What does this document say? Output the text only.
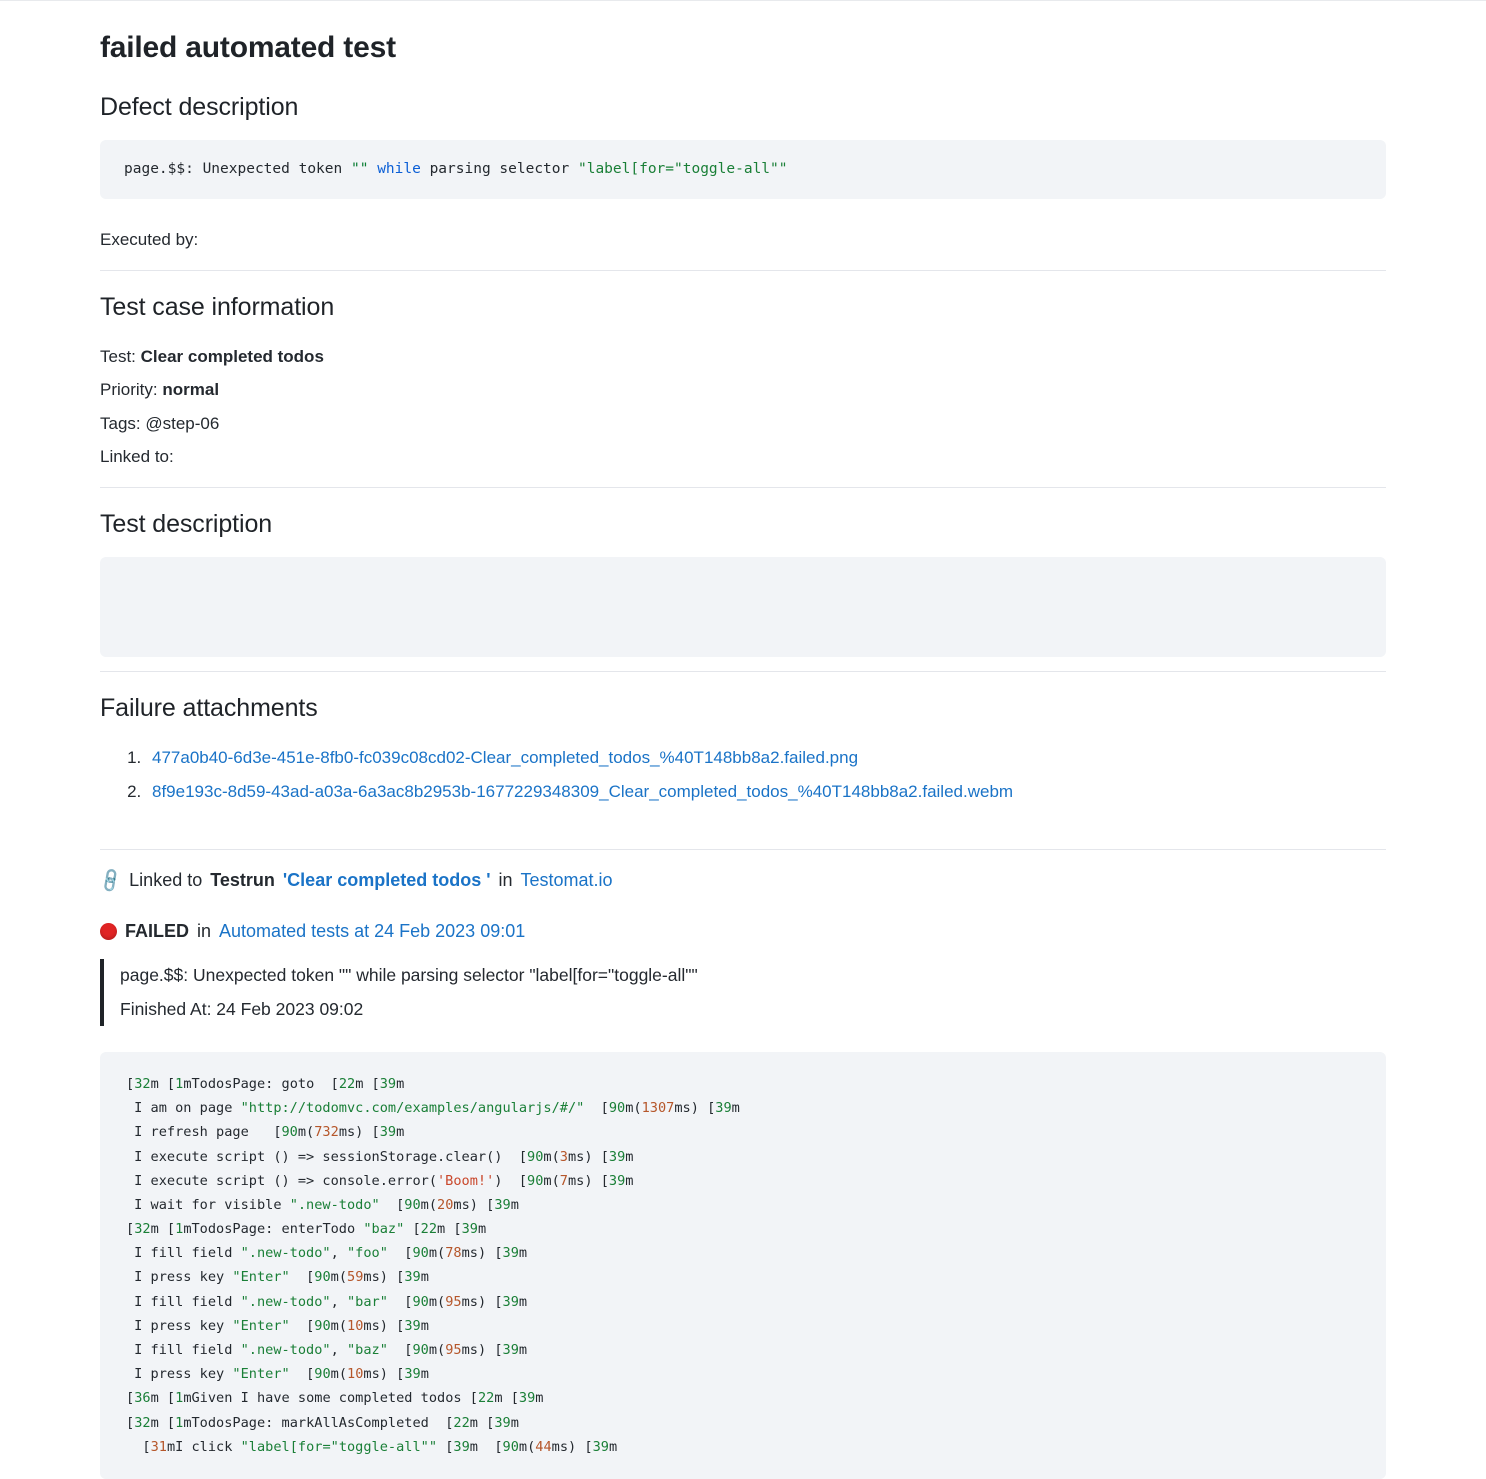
failed automated test
Defect description
page.$$: Unexpected token "" while parsing selector "label[for="toggle-all""
Executed by:
Test case information
Test: Clear completed todos
Priority: normal
Tags: @step-06
Linked to:
Test description
Failure attachments
1. 477a0b40-6d3e-451e-8fb0-fc039c08cd02-Clear_completed_todos_%40T148bb8a2.failed.png
2. 8f9e193c-8d59-43ad-a03a-6a3ac8b2953b-1677229348309_Clear_completed_todos_%40T148bb8a2.failed.webm
🔗 Linked to Testrun 'Clear completed todos ' in Testomat.io
FAILED in Automated tests at 24 Feb 2023 09:01
page.$$: Unexpected token "" while parsing selector "label[for="toggle-all""
Finished At: 24 Feb 2023 09:02
[32m [1mTodosPage: goto  [22m [39m
I am on page "http://todomvc.com/examples/angularjs/#/"  [90m(1307ms) [39m
I refresh page   [90m(732ms) [39m
I execute script () => sessionStorage.clear()  [90m(3ms) [39m
I execute script () => console.error('Boom!')  [90m(7ms) [39m
I wait for visible ".new-todo"  [90m(20ms) [39m
[32m [1mTodosPage: enterTodo "baz" [22m [39m
I fill field ".new-todo", "foo"  [90m(78ms) [39m
I press key "Enter"  [90m(59ms) [39m
I fill field ".new-todo", "bar"  [90m(95ms) [39m
I press key "Enter"  [90m(10ms) [39m
I fill field ".new-todo", "baz"  [90m(95ms) [39m
I press key "Enter"  [90m(10ms) [39m
[36m [1mGiven I have some completed todos [22m [39m
[32m [1mTodosPage: markAllAsCompleted  [22m [39m
[31mI click "label[for="toggle-all"" [39m  [90m(44ms) [39m
